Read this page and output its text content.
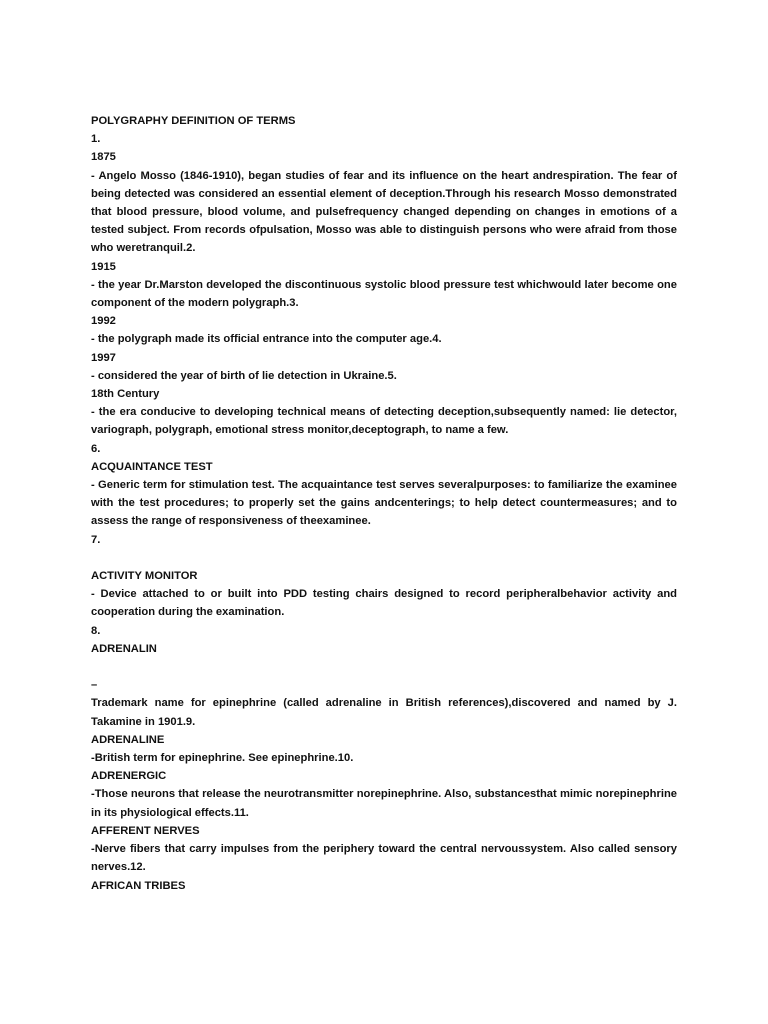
POLYGRAPHY DEFINITION OF TERMS
1.
1875
- Angelo Mosso (1846-1910), began studies of fear and its influence on the heart andrespiration. The fear of being detected was considered an essential element of deception.Through his research Mosso demonstrated that blood pressure, blood volume, and pulsefrequency changed depending on changes in emotions of a tested subject. From records ofpulsation, Mosso was able to distinguish persons who were afraid from those who weretranquil.2.
1915
- the year Dr.Marston developed the discontinuous systolic blood pressure test whichwould later become one component of the modern polygraph.3.
1992
- the polygraph made its official entrance into the computer age.4.
1997
- considered the year of birth of lie detection in Ukraine.5.
18th Century
- the era conducive to developing technical means of detecting deception,subsequently named: lie detector, variograph, polygraph, emotional stress monitor,deceptograph, to name a few.
6.
ACQUAINTANCE TEST
- Generic term for stimulation test. The acquaintance test serves severalpurposes: to familiarize the examinee with the test procedures; to properly set the gains andcenterings; to help detect countermeasures; and to assess the range of responsiveness of theexaminee.
7.
ACTIVITY MONITOR
- Device attached to or built into PDD testing chairs designed to record peripheralbehavior activity and cooperation during the examination.
8.
ADRENALIN
–
Trademark name for epinephrine (called adrenaline in British references),discovered and named by J. Takamine in 1901.9.
ADRENALINE
-British term for epinephrine. See epinephrine.10.
ADRENERGIC
-Those neurons that release the neurotransmitter norepinephrine. Also, substancesthat mimic norepinephrine in its physiological effects.11.
AFFERENT NERVES
-Nerve fibers that carry impulses from the periphery toward the central nervoussystem. Also called sensory nerves.12.
AFRICAN TRIBES
